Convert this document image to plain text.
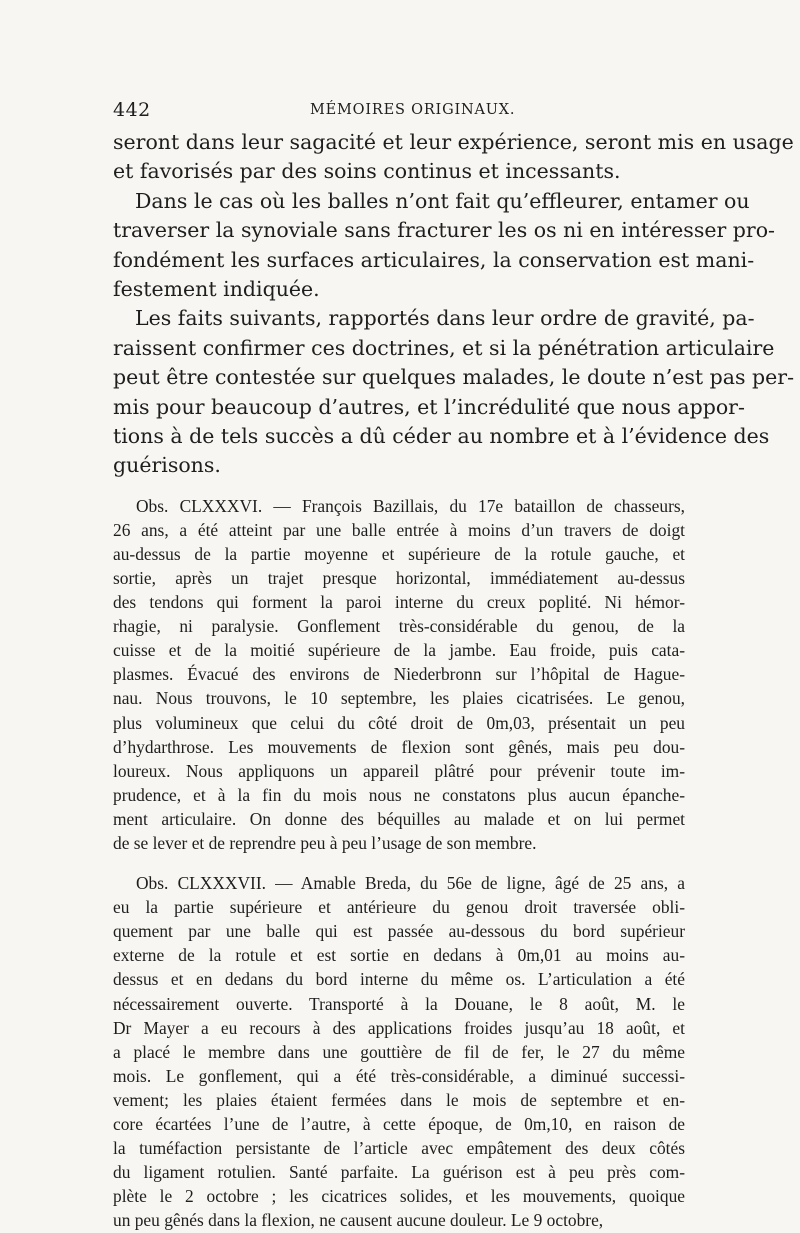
442	MÉMOIRES ORIGINAUX.
seront dans leur sagacité et leur expérience, seront mis en usage
et favorisés par des soins continus et incessants.
Dans le cas où les balles n’ont fait qu’effleurer, entamer ou
traverser la synoviale sans fracturer les os ni en intéresser pro-
fondément les surfaces articulaires, la conservation est mani-
festement indiquée.
Les faits suivants, rapportés dans leur ordre de gravité, pa-
raissent confirmer ces doctrines, et si la pénétration articulaire
peut être contestée sur quelques malades, le doute n’est pas per-
mis pour beaucoup d’autres, et l’incrédulité que nous appor-
tions à de tels succès a dû céder au nombre et à l’évidence des
guérisons.
Obs. CLXXXVI. — François Bazillais, du 17e bataillon de chasseurs,
26 ans, a été atteint par une balle entrée à moins d’un travers de doigt
au-dessus de la partie moyenne et supérieure de la rotule gauche, et
sortie, après un trajet presque horizontal, immédiatement au-dessus
des tendons qui forment la paroi interne du creux poplité. Ni hémor-
rhagie, ni paralysie. Gonflement très-considérable du genou, de la
cuisse et de la moitié supérieure de la jambe. Eau froide, puis cata-
plasmes. Évacué des environs de Niederbronn sur l’hôpital de Hague-
nau. Nous trouvons, le 10 septembre, les plaies cicatrisées. Le genou,
plus volumineux que celui du côté droit de 0m,03, présentait un peu
d’hydarthrose. Les mouvements de flexion sont gênés, mais peu dou-
loureux. Nous appliquons un appareil plâtré pour prévenir toute im-
prudence, et à la fin du mois nous ne constatons plus aucun épanche-
ment articulaire. On donne des béquilles au malade et on lui permet
de se lever et de reprendre peu à peu l’usage de son membre.
Obs. CLXXXVII. — Amable Breda, du 56e de ligne, âgé de 25 ans, a
eu la partie supérieure et antérieure du genou droit traversée obli-
quement par une balle qui est passée au-dessous du bord supérieur
externe de la rotule et est sortie en dedans à 0m,01 au moins au-
dessus et en dedans du bord interne du même os. L’articulation a été
nécessairement ouverte. Transporté à la Douane, le 8 août, M. le
Dr Mayer a eu recours à des applications froides jusqu’au 18 août, et
a placé le membre dans une gouttière de fil de fer, le 27 du même
mois. Le gonflement, qui a été très-considérable, a diminué successi-
vement; les plaies étaient fermées dans le mois de septembre et en-
core écartées l’une de l’autre, à cette époque, de 0m,10, en raison de
la tuméfaction persistante de l’article avec empâtement des deux côtés
du ligament rotulien. Santé parfaite. La guérison est à peu près com-
plète le 2 octobre ; les cicatrices solides, et les mouvements, quoique
un peu gênés dans la flexion, ne causent aucune douleur. Le 9 octobre,
